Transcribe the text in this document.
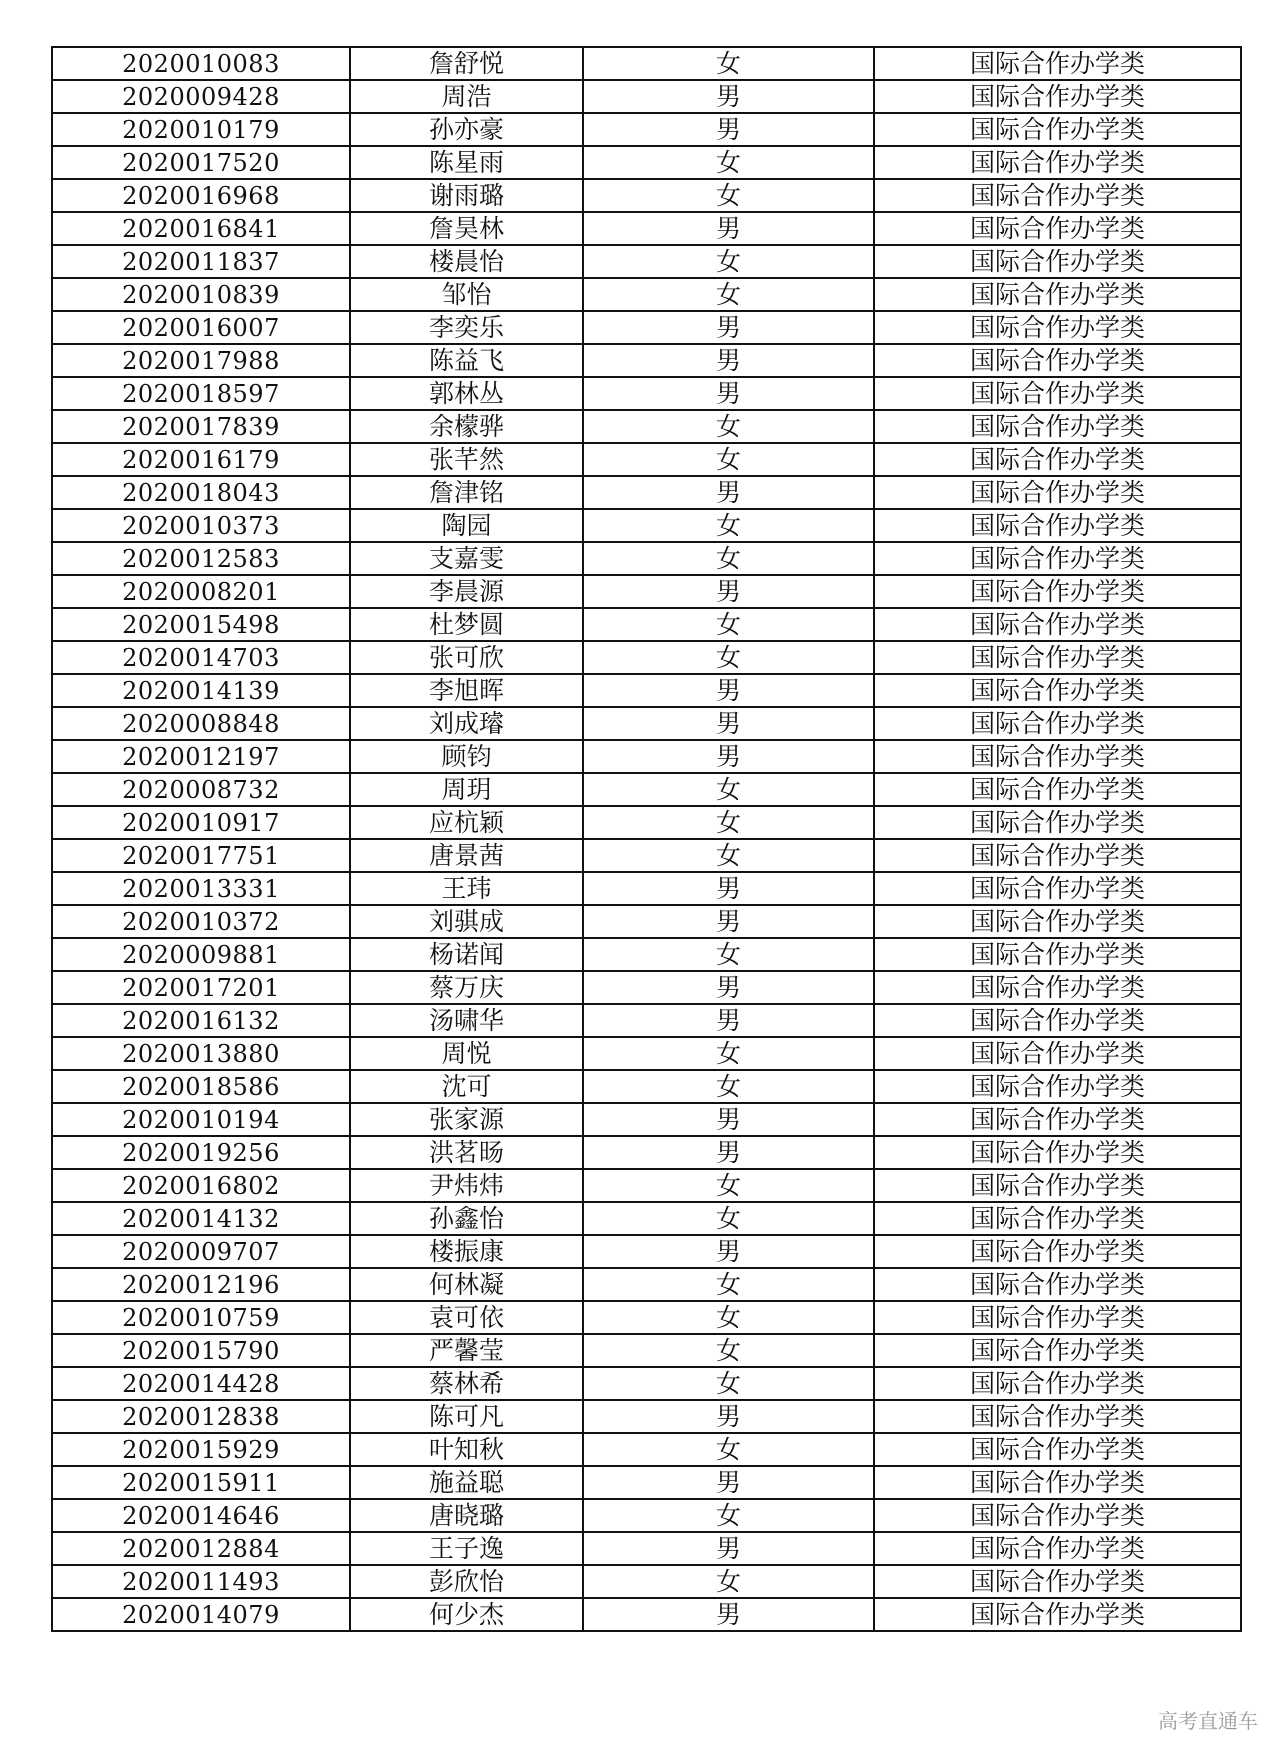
2020010083	詹舒悦	女	国际合作办学类
2020009428	周浩	男	国际合作办学类
2020010179	孙亦豪	男	国际合作办学类
2020017520	陈星雨	女	国际合作办学类
2020016968	谢雨璐	女	国际合作办学类
2020016841	詹昊林	男	国际合作办学类
2020011837	楼晨怡	女	国际合作办学类
2020010839	邹怡	女	国际合作办学类
2020016007	李奕乐	男	国际合作办学类
2020017988	陈益飞	男	国际合作办学类
2020018597	郭林丛	男	国际合作办学类
2020017839	余檬骅	女	国际合作办学类
2020016179	张芊然	女	国际合作办学类
2020018043	詹津铭	男	国际合作办学类
2020010373	陶园	女	国际合作办学类
2020012583	支嘉雯	女	国际合作办学类
2020008201	李晨源	男	国际合作办学类
2020015498	杜梦圆	女	国际合作办学类
2020014703	张可欣	女	国际合作办学类
2020014139	李旭晖	男	国际合作办学类
2020008848	刘成璿	男	国际合作办学类
2020012197	顾钧	男	国际合作办学类
2020008732	周玥	女	国际合作办学类
2020010917	应杭颖	女	国际合作办学类
2020017751	唐景茜	女	国际合作办学类
2020013331	王玮	男	国际合作办学类
2020010372	刘骐成	男	国际合作办学类
2020009881	杨诺闻	女	国际合作办学类
2020017201	蔡万庆	男	国际合作办学类
2020016132	汤啸华	男	国际合作办学类
2020013880	周悦	女	国际合作办学类
2020018586	沈可	女	国际合作办学类
2020010194	张家源	男	国际合作办学类
2020019256	洪茗旸	男	国际合作办学类
2020016802	尹炜炜	女	国际合作办学类
2020014132	孙鑫怡	女	国际合作办学类
2020009707	楼振康	男	国际合作办学类
2020012196	何林凝	女	国际合作办学类
2020010759	袁可依	女	国际合作办学类
2020015790	严馨莹	女	国际合作办学类
2020014428	蔡林希	女	国际合作办学类
2020012838	陈可凡	男	国际合作办学类
2020015929	叶知秋	女	国际合作办学类
2020015911	施益聪	男	国际合作办学类
2020014646	唐晓璐	女	国际合作办学类
2020012884	王子逸	男	国际合作办学类
2020011493	彭欣怡	女	国际合作办学类
2020014079	何少杰	男	国际合作办学类
高考直通车
